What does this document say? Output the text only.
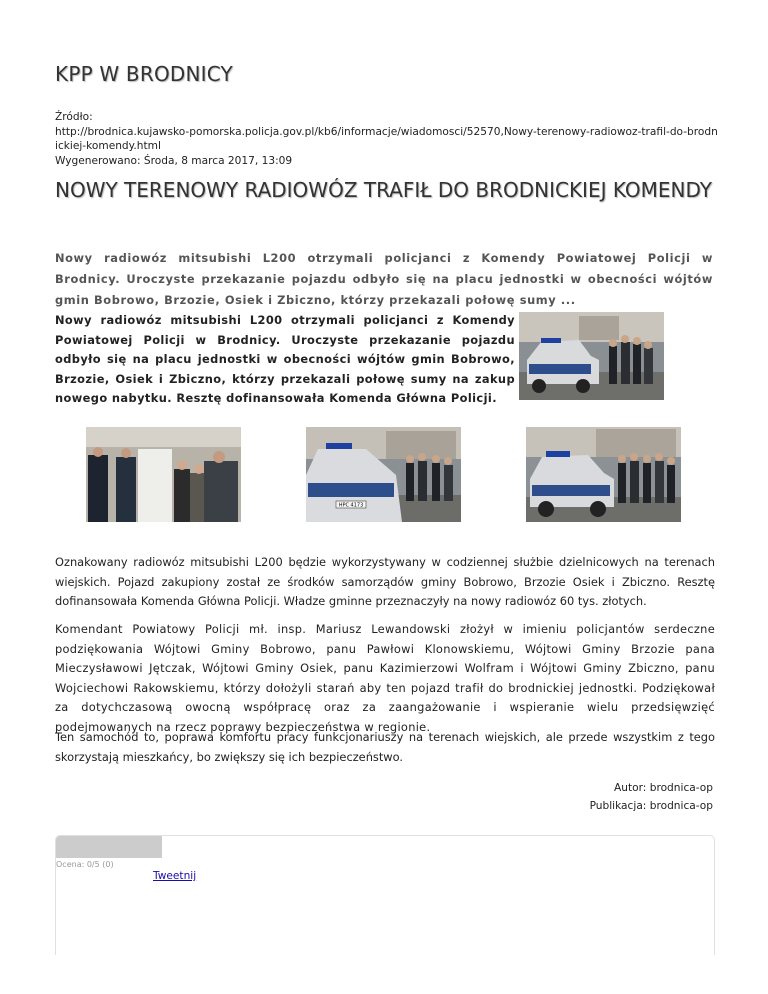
KPP W BRODNICY
Źródło:
http://brodnica.kujawsko-pomorska.policja.gov.pl/kb6/informacje/wiadomosci/52570,Nowy-terenowy-radiowoz-trafil-do-brodn
ickiej-komendy.html
Wygenerowano: Środa, 8 marca 2017, 13:09
NOWY TERENOWY RADIOWÓZ TRAFIŁ DO BRODNICKIEJ KOMENDY

Nowy radiowóz mitsubishi L200 otrzymali policjanci z Komendy Powiatowej Policji w Brodnicy. Uroczyste przekazanie pojazdu odbyło się na placu jednostki w obecności wójtów gmin Bobrowo, Brzozie, Osiek i Zbiczno, którzy przekazali połowę sumy ...

Nowy radiowóz mitsubishi L200 otrzymali policjanci z Komendy Powiatowej Policji w Brodnicy. Uroczyste przekazanie pojazdu odbyło się na placu jednostki w obecności wójtów gmin Bobrowo, Brzozie, Osiek i Zbiczno, którzy przekazali połowę sumy na zakup nowego nabytku. Resztę dofinansowała Komenda Główna Policji.

HPC 4173

Oznakowany radiowóz mitsubishi L200 będzie wykorzystywany w codziennej służbie dzielnicowych na terenach wiejskich. Pojazd zakupiony został ze środków samorządów gminy Bobrowo, Brzozie Osiek i Zbiczno. Resztę dofinansowała Komenda Główna Policji. Władze gminne przeznaczyły na nowy radiowóz 60 tys. złotych.

Komendant Powiatowy Policji mł. insp. Mariusz Lewandowski złożył w imieniu policjantów serdeczne podziękowania Wójtowi Gminy Bobrowo, panu Pawłowi Klonowskiemu, Wójtowi Gminy Brzozie pana Mieczysławowi Jętczak, Wójtowi Gminy Osiek, panu Kazimierzowi Wolfram i Wójtowi Gminy Zbiczno, panu Wojciechowi Rakowskiemu, którzy dołożyli starań aby ten pojazd trafił do brodnickiej jednostki. Podziękował za dotychczasową owocną współpracę oraz za zaangażowanie i wspieranie wielu przedsięwzięć podejmowanych na rzecz poprawy bezpieczeństwa w regionie.

Ten samochód to, poprawa komfortu pracy funkcjonariuszy na terenach wiejskich, ale przede wszystkim z tego skorzystają mieszkańcy, bo zwiększy się ich bezpieczeństwo.

Autor: brodnica-op
Publikacja: brodnica-op
Ocena: 0/5 (0)
Tweetnij
